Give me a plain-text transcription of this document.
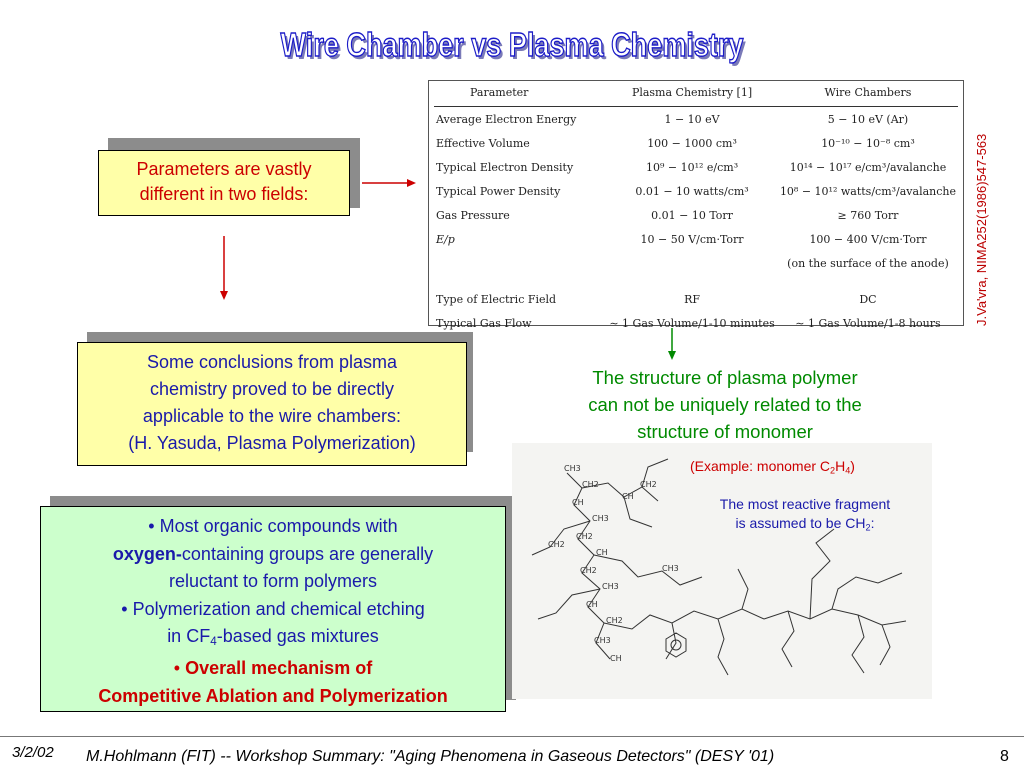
Wire Chamber vs Plasma Chemistry
Parameters are vastly
different in two fields:
Some conclusions from plasma
chemistry proved to be directly
applicable to the wire chambers:
(H. Yasuda, Plasma Polymerization)
• Most organic compounds with
oxygen-containing groups are generally
reluctant to form polymers
• Polymerization and chemical etching
in $CF_4$-based gas mixtures
• Overall mechanism of
Competitive Ablation and Polymerization
Parameter	Plasma Chemistry [1]	Wire Chambers
Average Electron Energy	1 − 10 eV	5 − 10 eV (Ar)
Effective Volume	100 − 1000 cm³	10⁻¹⁰ − 10⁻⁸ cm³
Typical Electron Density	10⁹ − 10¹² e/cm³	10¹⁴ − 10¹⁷ e/cm³/avalanche
Typical Power Density	0.01 − 10 watts/cm³	10⁸ − 10¹² watts/cm³/avalanche
Gas Pressure	0.01 − 10 Torr	≥ 760 Torr
E/p	10 − 50 V/cm·Torr	100 − 400 V/cm·Torr
		(on the surface of the anode)

Type of Electric Field	RF	DC
Typical Gas Flow	∼ 1 Gas Volume/1-10 minutes	∼ 1 Gas Volume/1-8 hours	J.Va'vra, NIMA252(1986)547-563
The structure of plasma polymer
can not be uniquely related to the
structure of monomer
CH3
CH2
CH
CH3
CH2
CH
CH2
CH3
CH
CH2
CH3
CH
CH2
CH
CH2
CH3
(Example: monomer $C_2H_4$)
The most reactive fragment
is assumed to be $CH_2$:
3/2/02 M.Hohlmann (FIT) -- Workshop Summary: "Aging Phenomena in Gaseous Detectors" (DESY '01)	8
